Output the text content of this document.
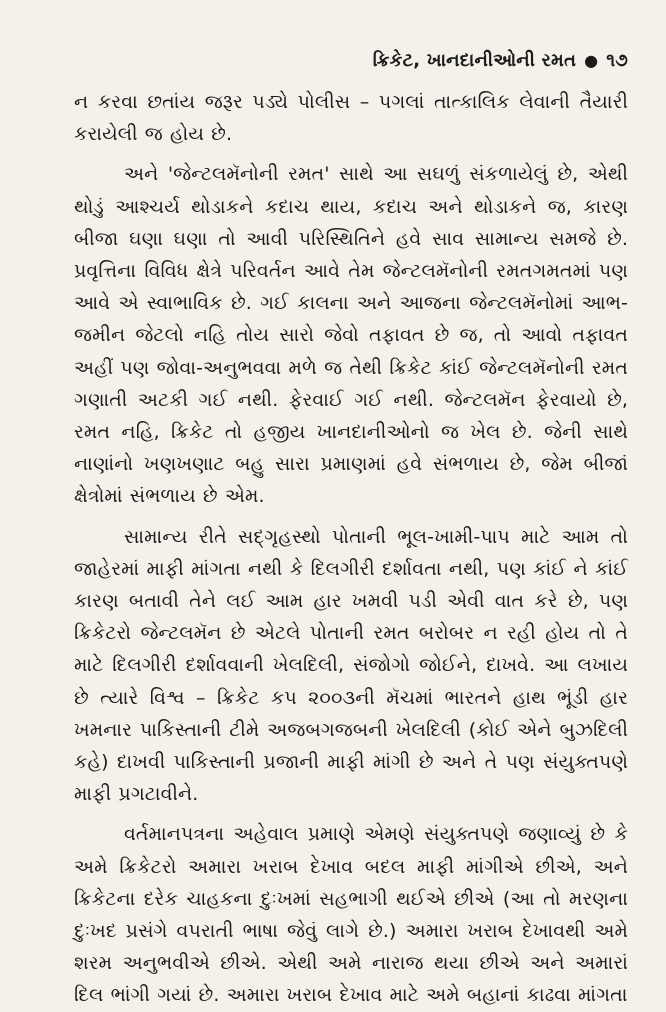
ક્રિકેટ, ખાનદાનીઓની રમત ● ૧૭

ન કરવા છતાંય જરૂર પડ્યે પોલીસ – પગલાં તાત્કાલિક લેવાની તૈયારી કરાયેલી જ હોય છે.

અને 'જેન્ટલમૅનોની રમત' સાથે આ સઘળું સંકળાયેલું છે, એથી થોડું આશ્ચર્ય થોડાકને કદાચ થાય, કદાચ અને થોડાકને જ, કારણ બીજા ઘણા ઘણા તો આવી પરિસ્થિતિને હવે સાવ સામાન્ય સમજે છે. પ્રવૃત્તિના વિવિધ ક્ષેત્રે પરિવર્તન આવે તેમ જેન્ટલમૅનોની રમતગમતમાં પણ આવે એ સ્વાભાવિક છે. ગઈ કાલના અને આજના જેન્ટલમૅનોમાં આભ-જમીન જેટલો નહિ તોય સારો જેવો તફાવત છે જ, તો આવો તફાવત અહીં પણ જોવા-અનુભવવા મળે જ તેથી ક્રિકેટ કાંઈ જેન્ટલમૅનોની રમત ગણાતી અટકી ગઈ નથી. ફેરવાઈ ગઈ નથી. જેન્ટલમૅન ફેરવાયો છે, રમત નહિ, ક્રિકેટ તો હજીય ખાનદાનીઓનો જ ખેલ છે. જેની સાથે નાણાંનો ખણખણાટ બહુ સારા પ્રમાણમાં હવે સંભળાય છે, જેમ બીજાં ક્ષેત્રોમાં સંભળાય છે એમ.

સામાન્ય રીતે સદ્‌ગૃહસ્થો પોતાની ભૂલ-ખામી-પાપ માટે આમ તો જાહેરમાં માફી માંગતા નથી કે દિલગીરી દર્શાવતા નથી, પણ કાંઈ ને કાંઈ કારણ બતાવી તેને લઈ આમ હાર ખમવી પડી એવી વાત કરે છે, પણ ક્રિકેટરો જેન્ટલમૅન છે એટલે પોતાની રમત બરોબર ન રહી હોય તો તે માટે દિલગીરી દર્શાવવાની ખેલદિલી, સંજોગો જોઈને, દાખવે. આ લખાય છે ત્યારે વિશ્વ – ક્રિકેટ કપ ૨૦૦૩ની મૅચમાં ભારતને હાથ ભૂંડી હાર ખમનાર પાકિસ્તાની ટીમે અજબગજબની ખેલદિલી (કોઈ એને બુઝદિલી કહે) દાખવી પાકિસ્તાની પ્રજાની માફી માંગી છે અને તે પણ સંયુક્તપણે માફી પ્રગટાવીને.

વર્તમાનપત્રના અહેવાલ પ્રમાણે એમણે સંયુક્તપણે જણાવ્યું છે કે અમે ક્રિકેટરો અમારા ખરાબ દેખાવ બદલ માફી માંગીએ છીએ, અને ક્રિકેટના દરેક ચાહકના દુઃખમાં સહભાગી થઈએ છીએ (આ તો મરણના દુઃખદ પ્રસંગે વપરાતી ભાષા જેવું લાગે છે.) અમારા ખરાબ દેખાવથી અમે શરમ અનુભવીએ છીએ. એથી અમે નારાજ થયા છીએ અને અમારાં દિલ ભાંગી ગયાં છે. અમારા ખરાબ દેખાવ માટે અમે બહાનાં કાઢવા માંગતા
